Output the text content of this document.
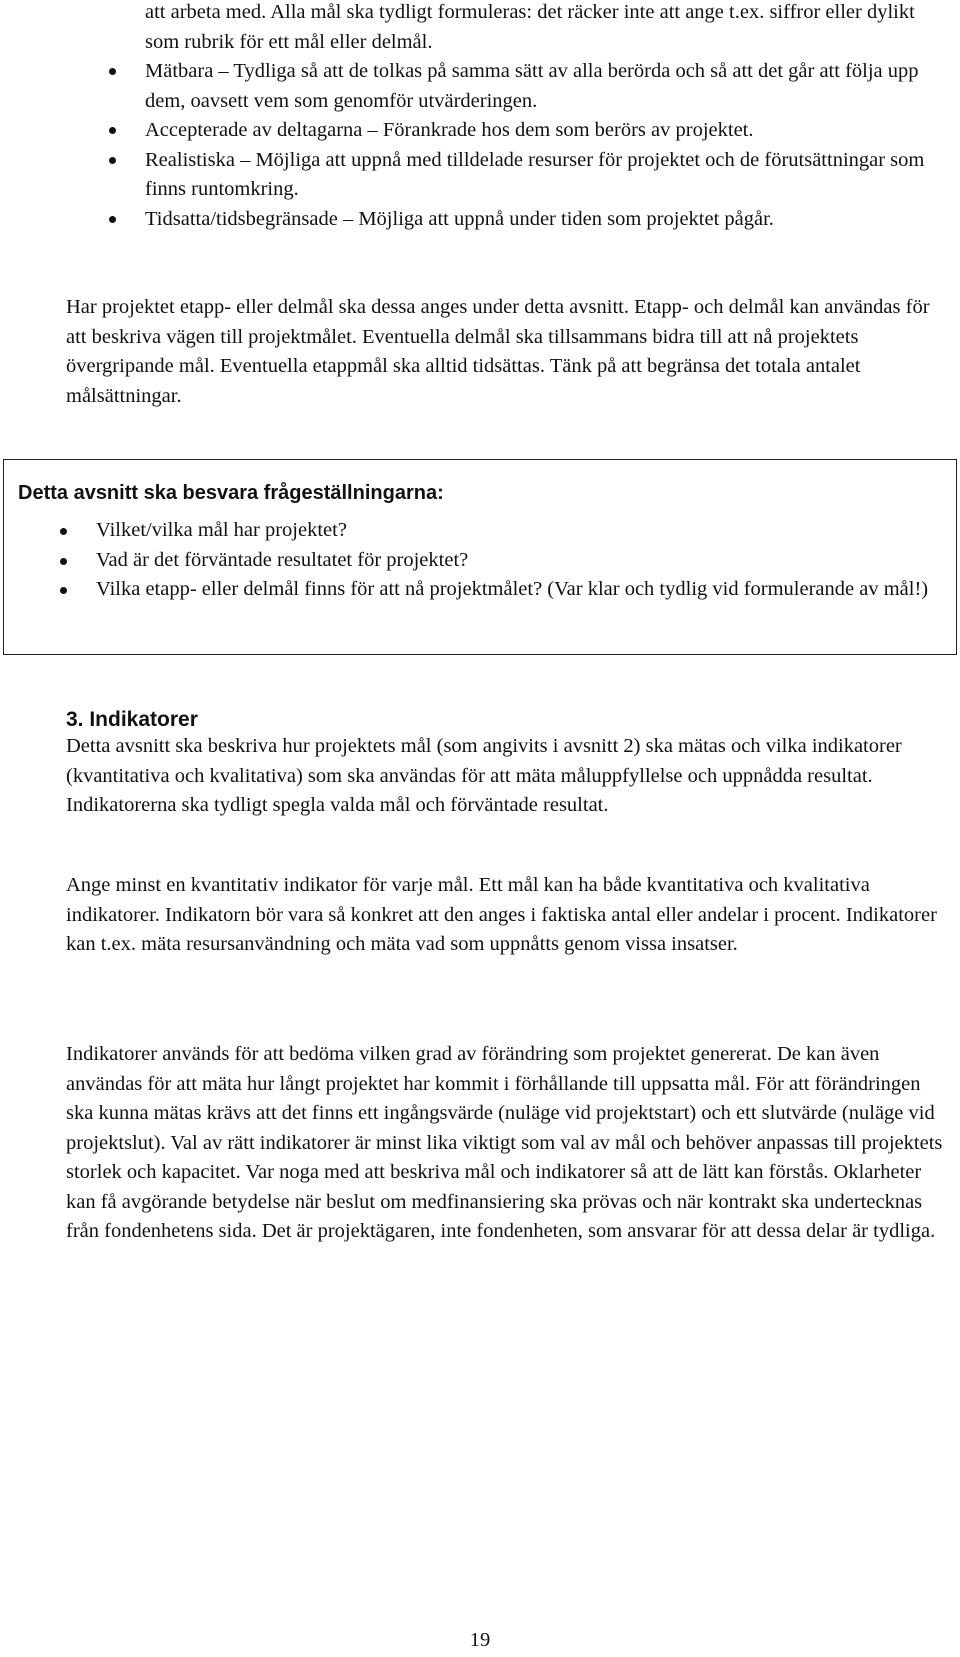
att arbeta med. Alla mål ska tydligt formuleras: det räcker inte att ange t.ex. siffror eller dylikt som rubrik för ett mål eller delmål.

Mätbara – Tydliga så att de tolkas på samma sätt av alla berörda och så att det går att följa upp dem, oavsett vem som genomför utvärderingen.
Accepterade av deltagarna – Förankrade hos dem som berörs av projektet.
Realistiska – Möjliga att uppnå med tilldelade resurser för projektet och de förutsättningar som finns runtomkring.
Tidsatta/tidsbegränsade – Möjliga att uppnå under tiden som projektet pågår.

Har projektet etapp- eller delmål ska dessa anges under detta avsnitt. Etapp- och delmål kan användas för att beskriva vägen till projektmålet. Eventuella delmål ska tillsammans bidra till att nå projektets övergripande mål. Eventuella etappmål ska alltid tidsättas. Tänk på att begränsa det totala antalet målsättningar.

Detta avsnitt ska besvara frågeställningarna:

Vilket/vilka mål har projektet?
Vad är det förväntade resultatet för projektet?
Vilka etapp- eller delmål finns för att nå projektmålet? (Var klar och tydlig vid formulerande av mål!)
3. Indikatorer

Detta avsnitt ska beskriva hur projektets mål (som angivits i avsnitt 2) ska mätas och vilka indikatorer (kvantitativa och kvalitativa) som ska användas för att mäta måluppfyllelse och uppnådda resultat. Indikatorerna ska tydligt spegla valda mål och förväntade resultat.

Ange minst en kvantitativ indikator för varje mål. Ett mål kan ha både kvantitativa och kvalitativa indikatorer. Indikatorn bör vara så konkret att den anges i faktiska antal eller andelar i procent. Indikatorer kan t.ex. mäta resursanvändning och mäta vad som uppnåtts genom vissa insatser.

Indikatorer används för att bedöma vilken grad av förändring som projektet genererat. De kan även användas för att mäta hur långt projektet har kommit i förhållande till uppsatta mål. För att förändringen ska kunna mätas krävs att det finns ett ingångsvärde (nuläge vid projektstart) och ett slutvärde (nuläge vid projektslut). Val av rätt indikatorer är minst lika viktigt som val av mål och behöver anpassas till projektets storlek och kapacitet. Var noga med att beskriva mål och indikatorer så att de lätt kan förstås. Oklarheter kan få avgörande betydelse när beslut om medfinansiering ska prövas och när kontrakt ska undertecknas från fondenhetens sida. Det är projektägaren, inte fondenheten, som ansvarar för att dessa delar är tydliga.

19
